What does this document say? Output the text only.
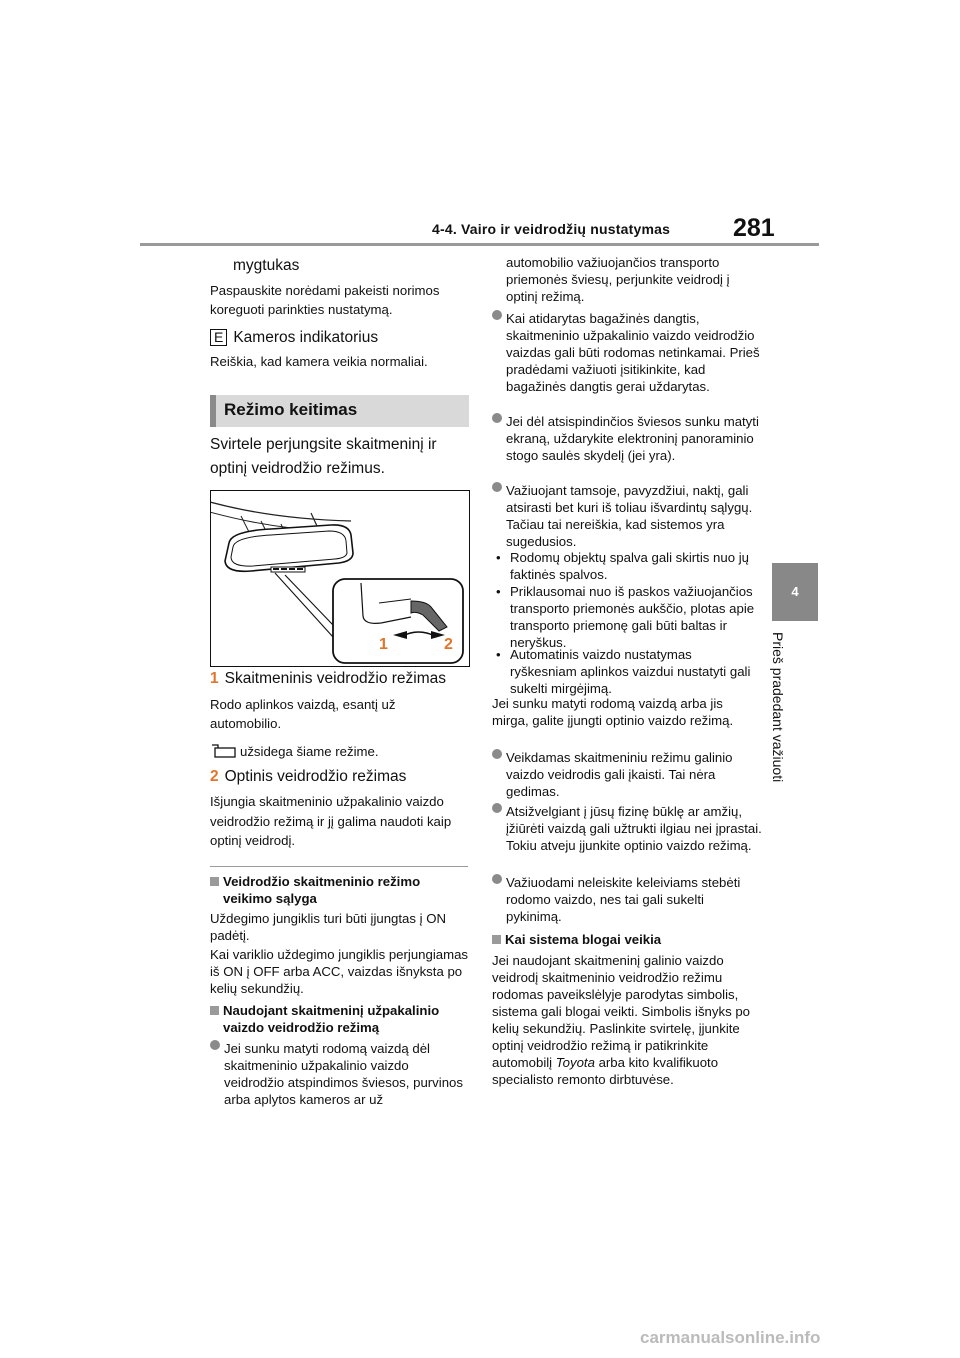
4-4. Vairo ir veidrodžių nustatymas	281
4
Prieš pradedant važiuoti
mygtukas
Paspauskite norėdami pakeisti norimos koreguoti parinkties nustatymą.
E Kameros indikatorius
Reiškia, kad kamera veikia normaliai.
Režimo keitimas
Svirtele perjungsite skaitmeninį ir optinį veidrodžio režimus.
1	2
1 Skaitmeninis veidrodžio režimas
Rodo aplinkos vaizdą, esantį už automobilio.
užsidega šiame režime.
2 Optinis veidrodžio režimas
Išjungia skaitmeninio užpakalinio vaizdo veidrodžio režimą ir jį galima naudoti kaip optinį veidrodį.
Veidrodžio skaitmeninio režimo veikimo sąlyga
Uždegimo jungiklis turi būti įjungtas į ON padėtį.
Kai variklio uždegimo jungiklis perjungiamas iš ON į OFF arba ACC, vaizdas išnyksta po kelių sekundžių.
Naudojant skaitmeninį užpakalinio vaizdo veidrodžio režimą
Jei sunku matyti rodomą vaizdą dėl skaitmeninio užpakalinio vaizdo veidrodžio atspindimos šviesos, purvinos arba aplytos kameros ar už
automobilio važiuojančios transporto priemonės šviesų, perjunkite veidrodį į optinį režimą.
Kai atidarytas bagažinės dangtis, skaitmeninio užpakalinio vaizdo veidrodžio vaizdas gali būti rodomas netinkamai. Prieš pradėdami važiuoti įsitikinkite, kad bagažinės dangtis gerai uždarytas.
Jei dėl atsispindinčios šviesos sunku matyti ekraną, uždarykite elektroninį panoraminio stogo saulės skydelį (jei yra).
Važiuojant tamsoje, pavyzdžiui, naktį, gali atsirasti bet kuri iš toliau išvardintų sąlygų. Tačiau tai nereiškia, kad sistemos yra sugedusios.
• Rodomų objektų spalva gali skirtis nuo jų faktinės spalvos.
• Priklausomai nuo iš paskos važiuojančios transporto priemonės aukščio, plotas apie transporto priemonę gali būti baltas ir neryškus.
• Automatinis vaizdo nustatymas ryškesniam aplinkos vaizdui nustatyti gali sukelti mirgėjimą.
Jei sunku matyti rodomą vaizdą arba jis mirga, galite įjungti optinio vaizdo režimą.
Veikdamas skaitmeniniu režimu galinio vaizdo veidrodis gali įkaisti. Tai nėra gedimas.
Atsižvelgiant į jūsų fizinę būklę ar amžių, įžiūrėti vaizdą gali užtrukti ilgiau nei įprastai. Tokiu atveju įjunkite optinio vaizdo režimą.
Važiuodami neleiskite keleiviams stebėti rodomo vaizdo, nes tai gali sukelti pykinimą.
Kai sistema blogai veikia
Jei naudojant skaitmeninį galinio vaizdo veidrodį skaitmeninio veidrodžio režimu rodomas paveikslėlyje parodytas simbolis, sistema gali blogai veikti. Simbolis išnyks po kelių sekundžių. Paslinkite svirtelę, įjunkite optinį veidrodžio režimą ir patikrinkite automobilį Toyota arba kito kvalifikuoto specialisto remonto dirbtuvėse.
carmanualsonline.info
